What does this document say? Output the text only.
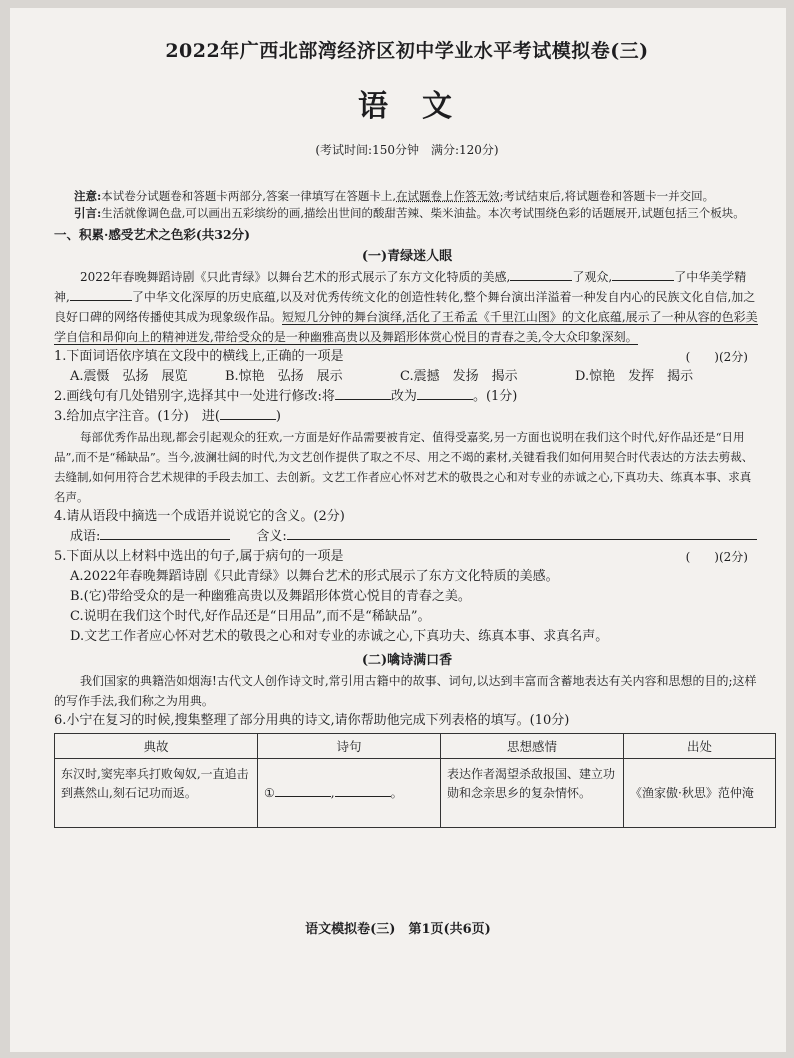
2022年广西北部湾经济区初中学业水平考试模拟卷(三)
语文
(考试时间:150分钟　满分:120分)

注意:本试卷分试题卷和答题卡两部分,答案一律填写在答题卡上,在试题卷上作答无效;考试结束后,将试题卷和答题卡一并交回。

引言:生活就像调色盘,可以画出五彩缤纷的画,描绘出世间的酸甜苦辣、柴米油盐。本次考试围绕色彩的话题展开,试题包括三个板块。

一、积累·感受艺术之色彩(共32分)
(一)青绿迷人眼

2022年春晚舞蹈诗剧《只此青绿》以舞台艺术的形式展示了东方文化特质的美感,	了观众,	了中华美学精神,	了中华文化深厚的历史底蕴,以及对优秀传统文化的创造性转化,整个舞台演出洋溢着一种发自内心的民族文化自信,加之良好口碑的网络传播使其成为现象级作品。短短几分钟的舞台演绎,活化了王希孟《千里江山图》的文化底蕴,展示了一种从容的色彩美学自信和昂仰向上的精神迸发,带给受众的是一种幽雅高贵以及舞蹈形体赏心悦目的青春之美,令大众印象深刻。

1.下面词语依序填在文段中的横线上,正确的一项是	(　　)(2分)

A.震慑　弘扬　展览	B.惊艳　弘扬　展示	C.震撼　发扬　揭示	D.惊艳　发挥　揭示

2.画线句有几处错别字,选择其中一处进行修改:将	改为	。(1分)

3.给加点字注音。(1分)　进(	)

每部优秀作品出现,都会引起观众的狂欢,一方面是好作品需要被肯定、值得受嘉奖,另一方面也说明在我们这个时代,好作品还是“日用品”,而不是“稀缺品”。当今,波澜壮阔的时代,为文艺创作提供了取之不尽、用之不竭的素材,关键看我们如何用契合时代表达的方法去剪裁、去缝制,如何用符合艺术规律的手段去加工、去创新。文艺工作者应心怀对艺术的敬畏之心和对专业的赤诚之心,下真功夫、练真本事、求真名声。

4.请从语段中摘选一个成语并说说它的含义。(2分)

成语:　　	含义:

5.下面从以上材料中选出的句子,属于病句的一项是	(　　)(2分)

A.2022年春晚舞蹈诗剧《只此青绿》以舞台艺术的形式展示了东方文化特质的美感。

B.(它)带给受众的是一种幽雅高贵以及舞蹈形体赏心悦目的青春之美。

C.说明在我们这个时代,好作品还是“日用品”,而不是“稀缺品”。

D.文艺工作者应心怀对艺术的敬畏之心和对专业的赤诚之心,下真功夫、练真本事、求真名声。

(二)噙诗满口香

我们国家的典籍浩如烟海!古代文人创作诗文时,常引用古籍中的故事、词句,以达到丰富而含蓄地表达有关内容和思想的目的;这样的写作手法,我们称之为用典。

6.小宁在复习的时候,搜集整理了部分用典的诗文,请你帮助他完成下列表格的填写。(10分)

典故	诗句	思想感情	出处
东汉时,窦宪率兵打败匈奴,一直追击到燕然山,刻石记功而返。	① , 。	表达作者渴望杀敌报国、建立功勋和念亲思乡的复杂情怀。	《渔家傲·秋思》范仲淹
语文模拟卷(三)　第1页(共6页)
